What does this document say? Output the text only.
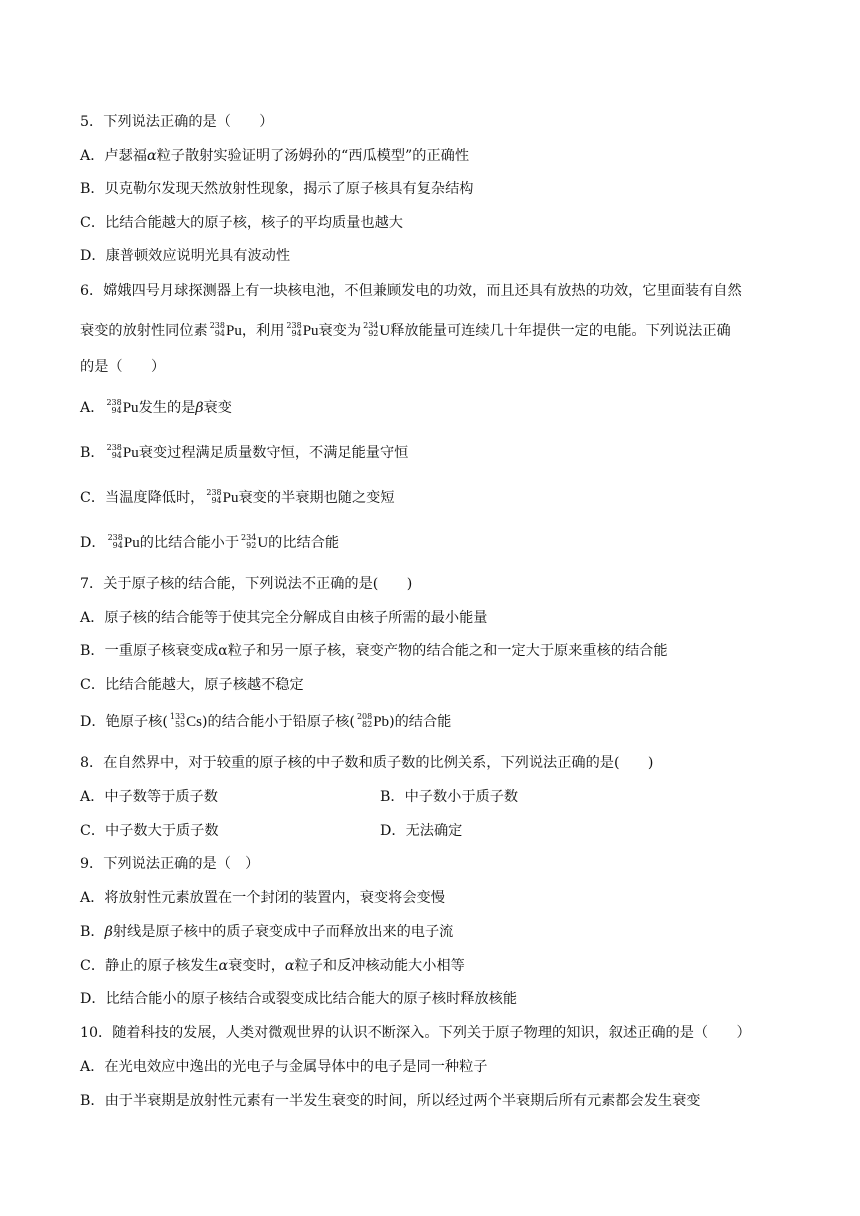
5．下列说法正确的是（　　）
A．卢瑟福α粒子散射实验证明了汤姆孙的“西瓜模型”的正确性
B．贝克勒尔发现天然放射性现象，揭示了原子核具有复杂结构
C．比结合能越大的原子核，核子的平均质量也越大
D．康普顿效应说明光具有波动性
6．嫦娥四号月球探测器上有一块核电池，不但兼顾发电的功效，而且还具有放热的功效，它里面装有自然
衰变的放射性同位素 238
94 Pu，利用 238
94 Pu衰变为 234
92 U释放能量可连续几十年提供一定的电能。下列说法正确
的是（　　）
A． 238
94 Pu发生的是β衰变
B． 238
94 Pu衰变过程满足质量数守恒，不满足能量守恒
C．当温度降低时， 238
94 Pu衰变的半衰期也随之变短
D． 238
94 Pu的比结合能小于 234
92 U的比结合能
7．关于原子核的结合能，下列说法不正确的是(　　)
A．原子核的结合能等于使其完全分解成自由核子所需的最小能量
B．一重原子核衰变成α粒子和另一原子核，衰变产物的结合能之和一定大于原来重核的结合能
C．比结合能越大，原子核越不稳定
D．铯原子核( 133
55 Cs)的结合能小于铅原子核( 208
82 Pb)的结合能
8．在自然界中，对于较重的原子核的中子数和质子数的比例关系，下列说法正确的是(　　)
A．中子数等于质子数	B．中子数小于质子数
C．中子数大于质子数	D．无法确定
9．下列说法正确的是（　）
A．将放射性元素放置在一个封闭的装置内，衰变将会变慢
B．β射线是原子核中的质子衰变成中子而释放出来的电子流
C．静止的原子核发生α衰变时，α粒子和反冲核动能大小相等
D．比结合能小的原子核结合或裂变成比结合能大的原子核时释放核能
10．随着科技的发展，人类对微观世界的认识不断深入。下列关于原子物理的知识，叙述正确的是（　　）
A．在光电效应中逸出的光电子与金属导体中的电子是同一种粒子
B．由于半衰期是放射性元素有一半发生衰变的时间，所以经过两个半衰期后所有元素都会发生衰变
